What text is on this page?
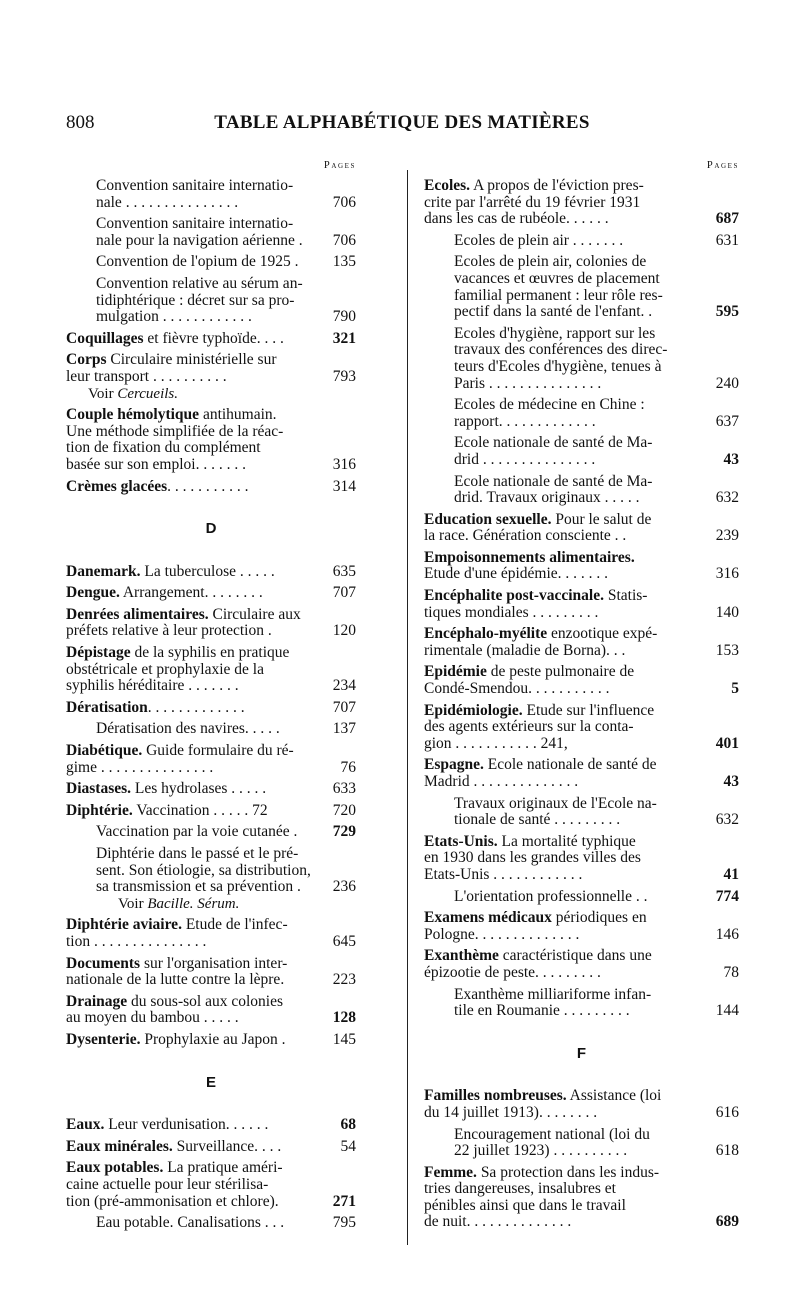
808	TABLE ALPHABÉTIQUE DES MATIÈRES
Pages
Convention sanitaire internatio-
nale . . . . . . . . . . . . . . .	706
Convention sanitaire internatio-
nale pour la navigation aérienne .	706
Convention de l'opium de 1925 .	135
Convention relative au sérum an-
tidiphtérique : décret sur sa pro-
mulgation . . . . . . . . . . . .	790
Coquillages et fièvre typhoïde. . . .	321
Corps Circulaire ministérielle sur
leur transport . . . . . . . . . .	793
Voir Cercueils.
Couple hémolytique antihumain.
Une méthode simplifiée de la réac-
tion de fixation du complément
basée sur son emploi. . . . . . .	316
Crèmes glacées. . . . . . . . . . .	314
D
Danemark. La tuberculose . . . . .	635
Dengue. Arrangement. . . . . . . .	707
Denrées alimentaires. Circulaire aux
préfets relative à leur protection .	120
Dépistage de la syphilis en pratique
obstétricale et prophylaxie de la
syphilis héréditaire . . . . . . .	234
Dératisation. . . . . . . . . . . . .	707
Dératisation des navires. . . . .	137
Diabétique. Guide formulaire du ré-
gime . . . . . . . . . . . . . . .	76
Diastases. Les hydrolases . . . . .	633
Diphtérie. Vaccination . . . . . 72	720
Vaccination par la voie cutanée .	729
Diphtérie dans le passé et le pré-
sent. Son étiologie, sa distribution,
sa transmission et sa prévention .	236
Voir Bacille. Sérum.
Diphtérie aviaire. Etude de l'infec-
tion . . . . . . . . . . . . . . .	645
Documents sur l'organisation inter-
nationale de la lutte contre la lèpre.	223
Drainage du sous-sol aux colonies
au moyen du bambou . . . . .	128
Dysenterie. Prophylaxie au Japon .	145
E
Eaux. Leur verdunisation. . . . . .	68
Eaux minérales. Surveillance. . . .	54
Eaux potables. La pratique améri-
caine actuelle pour leur stérilisa-
tion (pré-ammonisation et chlore).	271
Eau potable. Canalisations . . .	795
Pages
Ecoles. A propos de l'éviction pres-
crite par l'arrêté du 19 février 1931
dans les cas de rubéole. . . . . .	687
Ecoles de plein air . . . . . . .	631
Ecoles de plein air, colonies de
vacances et œuvres de placement
familial permanent : leur rôle res-
pectif dans la santé de l'enfant. .	595
Ecoles d'hygiène, rapport sur les
travaux des conférences des direc-
teurs d'Ecoles d'hygiène, tenues à
Paris . . . . . . . . . . . . . . .	240
Ecoles de médecine en Chine :
rapport. . . . . . . . . . . . .	637
Ecole nationale de santé de Ma-
drid . . . . . . . . . . . . . . .	43
Ecole nationale de santé de Ma-
drid. Travaux originaux . . . . .	632
Education sexuelle. Pour le salut de
la race. Génération consciente . .	239
Empoisonnements alimentaires.
Etude d'une épidémie. . . . . . .	316
Encéphalite post-vaccinale. Statis-
tiques mondiales . . . . . . . . .	140
Encéphalo-myélite enzootique expé-
rimentale (maladie de Borna). . .	153
Epidémie de peste pulmonaire de
Condé-Smendou. . . . . . . . . . .	5
Epidémiologie. Etude sur l'influence
des agents extérieurs sur la conta-
gion . . . . . . . . . . . 241,	401
Espagne. Ecole nationale de santé de
Madrid . . . . . . . . . . . . . .	43
Travaux originaux de l'Ecole na-
tionale de santé . . . . . . . . .	632
Etats-Unis. La mortalité typhique
en 1930 dans les grandes villes des
Etats-Unis . . . . . . . . . . . .	41
L'orientation professionnelle . .	774
Examens médicaux périodiques en
Pologne. . . . . . . . . . . . . .	146
Exanthème caractéristique dans une
épizootie de peste. . . . . . . . .	78
Exanthème milliariforme infan-
tile en Roumanie . . . . . . . . .	144
F
Familles nombreuses. Assistance (loi
du 14 juillet 1913). . . . . . . .	616
Encouragement national (loi du
22 juillet 1923) . . . . . . . . . .	618
Femme. Sa protection dans les indus-
tries dangereuses, insalubres et
pénibles ainsi que dans le travail
de nuit. . . . . . . . . . . . . .	689
